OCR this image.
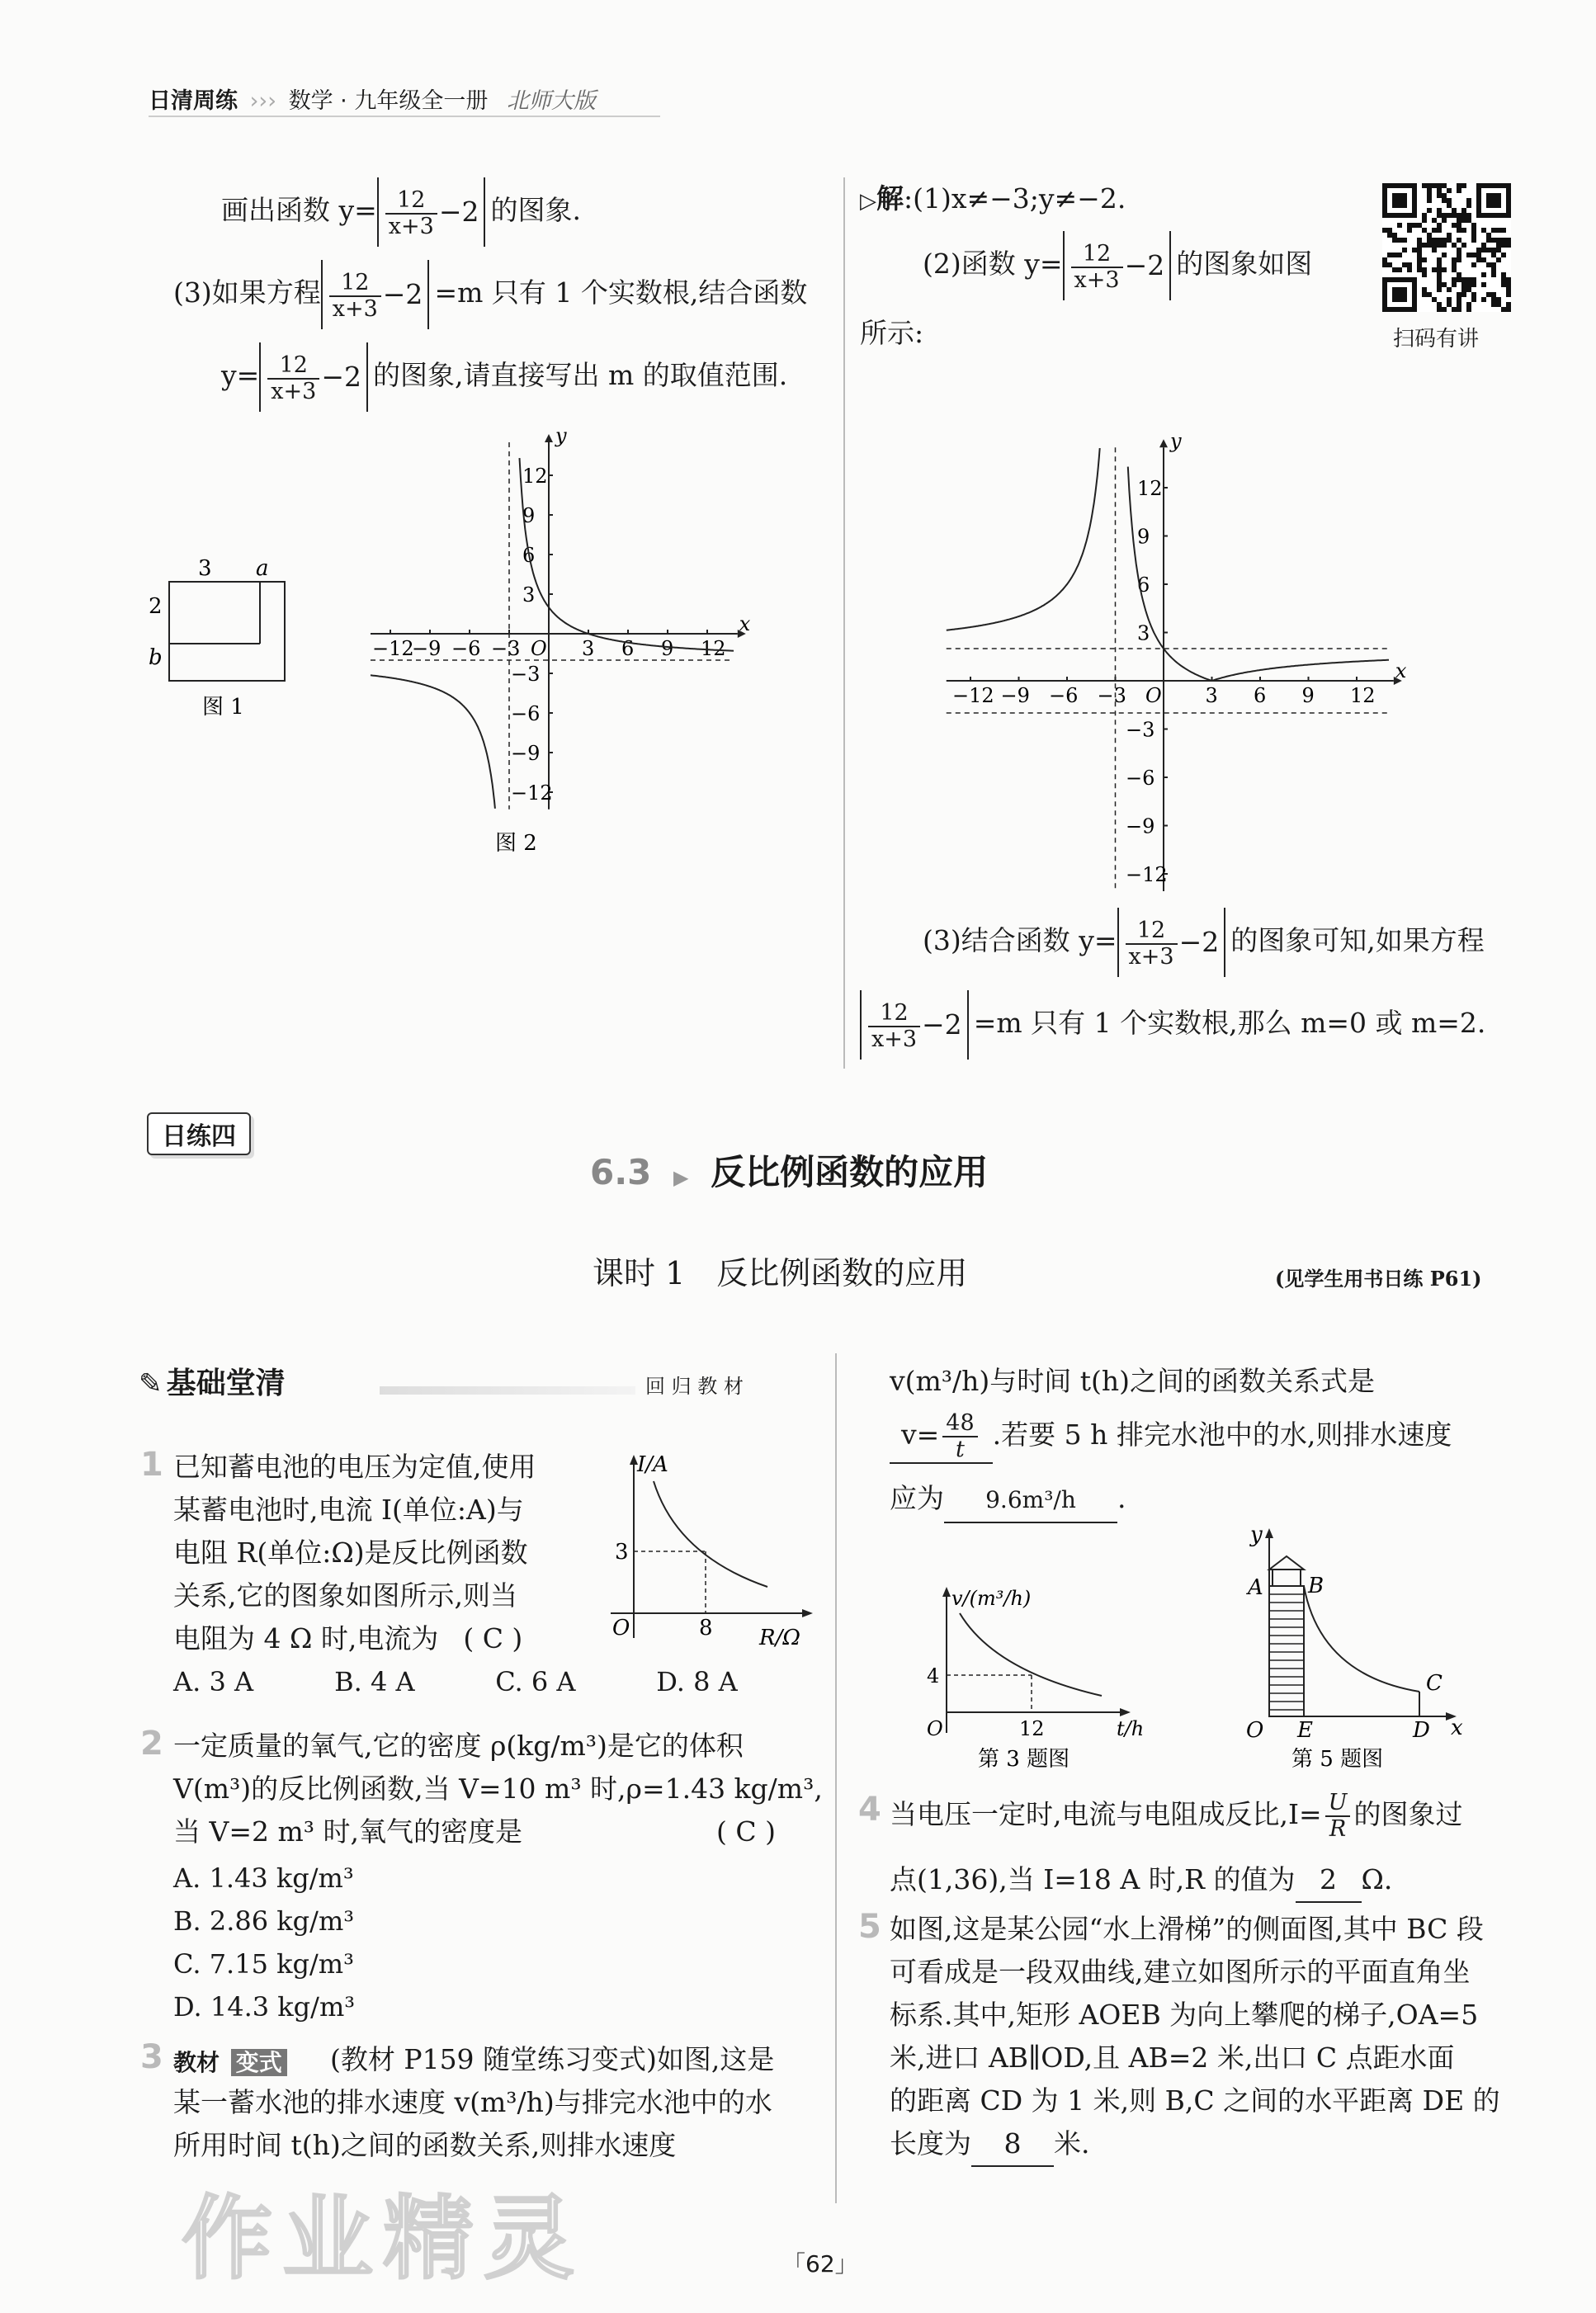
日清周练 ››› 数学 · 九年级全一册 北师大版
画出函数 $y= \frac{12}{x+3} -2$ 的图象.
(3)如果方程 $\frac{12}{x+3} -2 =m$ 只有 1 个实数根,结合函数
$y= \frac{12}{x+3} -2$ 的图象,请直接写出 m 的取值范围.
3 a
2
b
图 1
x
y
O
−12
−9 −6 −3	3 6 9 12
12
9
6
3
−3
−6
−9
−12
图 2
▷解:(1)x≠−3;y≠−2.
(2)函数 $y= \frac{12}{x+3} -2$ 的图象如图
所示:	扫码有讲
x
y
O
−12 −9 −6 −3	3 6 9 12
12
9
6
3
−3
−6
−9
−12
(3)结合函数 $y= \frac{12}{x+3} -2$ 的图象可知,如果方程
$\frac{12}{x+3} -2 =m$ 只有 1 个实数根,那么 m=0 或 m=2.
日练四
6.3 ▶ 反比例函数的应用
课时 1　反比例函数的应用	(见学生用书日练 P61)
✎ 基础堂清	回 归 教 材
1 已知蓄电池的电压为定值,使用
某蓄电池时,电流 I(单位:A)与
电阻 R(单位:Ω)是反比例函数
关系,它的图象如图所示,则当
电阻为 4 Ω 时,电流为 ( C )
A. 3 A	B. 4 A	C. 6 A	D. 8 A
I/A
R/Ω
O
3
8
2 一定质量的氧气,它的密度 ρ(kg/m³)是它的体积
V(m³)的反比例函数,当 V=10 m³ 时,ρ=1.43 kg/m³,
当 V=2 m³ 时,氧气的密度是	( C )
A. 1.43 kg/m³
B. 2.86 kg/m³
C. 7.15 kg/m³
D. 14.3 kg/m³
3 教材 变式 (教材 P159 随堂练习变式)如图,这是
某一蓄水池的排水速度 v(m³/h)与排完水池中的水
所用时间 t(h)之间的函数关系,则排水速度
v(m³/h)与时间 t(h)之间的函数关系式是
$v= \frac{48}{t}$ .若要 5 h 排完水池中的水,则排水速度
应为 9.6m³/h .
v/(m³/h)
t/h
O
4
12
第 3 题图
y
x
O
A B
C
D
E
第 5 题图
4 当电压一定时,电流与电阻成反比$,I= \frac{U}{R}$ 的图象过
点(1,36),当 I=18 A 时,R 的值为 2 Ω.
5 如图,这是某公园“水上滑梯”的侧面图,其中 BC 段
可看成是一段双曲线,建立如图所示的平面直角坐
标系.其中,矩形 AOEB 为向上攀爬的梯子,OA=5
米,进口 AB∥OD,且 AB=2 米,出口 C 点距水面
的距离 CD 为 1 米,则 B,C 之间的水平距离 DE 的
长度为 8 米.
「62」
作业精灵
